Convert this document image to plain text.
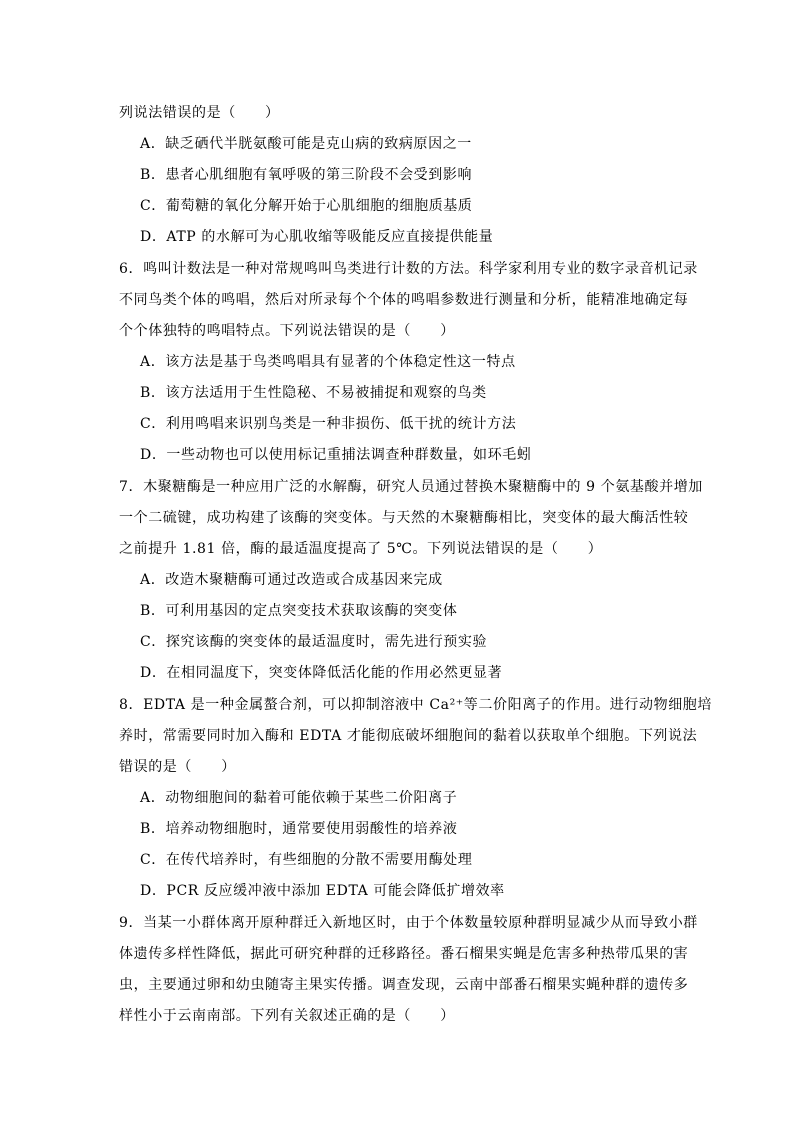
列说法错误的是（　　）
A．缺乏硒代半胱氨酸可能是克山病的致病原因之一
B．患者心肌细胞有氧呼吸的第三阶段不会受到影响
C．葡萄糖的氧化分解开始于心肌细胞的细胞质基质
D．ATP 的水解可为心肌收缩等吸能反应直接提供能量
6．鸣叫计数法是一种对常规鸣叫鸟类进行计数的方法。科学家利用专业的数字录音机记录
不同鸟类个体的鸣唱，然后对所录每个个体的鸣唱参数进行测量和分析，能精准地确定每
个个体独特的鸣唱特点。下列说法错误的是（　　）
A．该方法是基于鸟类鸣唱具有显著的个体稳定性这一特点
B．该方法适用于生性隐秘、不易被捕捉和观察的鸟类
C．利用鸣唱来识别鸟类是一种非损伤、低干扰的统计方法
D．一些动物也可以使用标记重捕法调查种群数量，如环毛蚓
7．木聚糖酶是一种应用广泛的水解酶，研究人员通过替换木聚糖酶中的 9 个氨基酸并增加
一个二硫键，成功构建了该酶的突变体。与天然的木聚糖酶相比，突变体的最大酶活性较
之前提升 1.81 倍，酶的最适温度提高了 5℃。下列说法错误的是（　　）
A．改造木聚糖酶可通过改造或合成基因来完成
B．可利用基因的定点突变技术获取该酶的突变体
C．探究该酶的突变体的最适温度时，需先进行预实验
D．在相同温度下，突变体降低活化能的作用必然更显著
8．EDTA 是一种金属螯合剂，可以抑制溶液中 Ca²⁺等二价阳离子的作用。进行动物细胞培
养时，常需要同时加入酶和 EDTA 才能彻底破坏细胞间的黏着以获取单个细胞。下列说法
错误的是（　　）
A．动物细胞间的黏着可能依赖于某些二价阳离子
B．培养动物细胞时，通常要使用弱酸性的培养液
C．在传代培养时，有些细胞的分散不需要用酶处理
D．PCR 反应缓冲液中添加 EDTA 可能会降低扩增效率
9．当某一小群体离开原种群迁入新地区时，由于个体数量较原种群明显减少从而导致小群
体遗传多样性降低，据此可研究种群的迁移路径。番石榴果实蝇是危害多种热带瓜果的害
虫，主要通过卵和幼虫随寄主果实传播。调查发现，云南中部番石榴果实蝇种群的遗传多
样性小于云南南部。下列有关叙述正确的是（　　）
